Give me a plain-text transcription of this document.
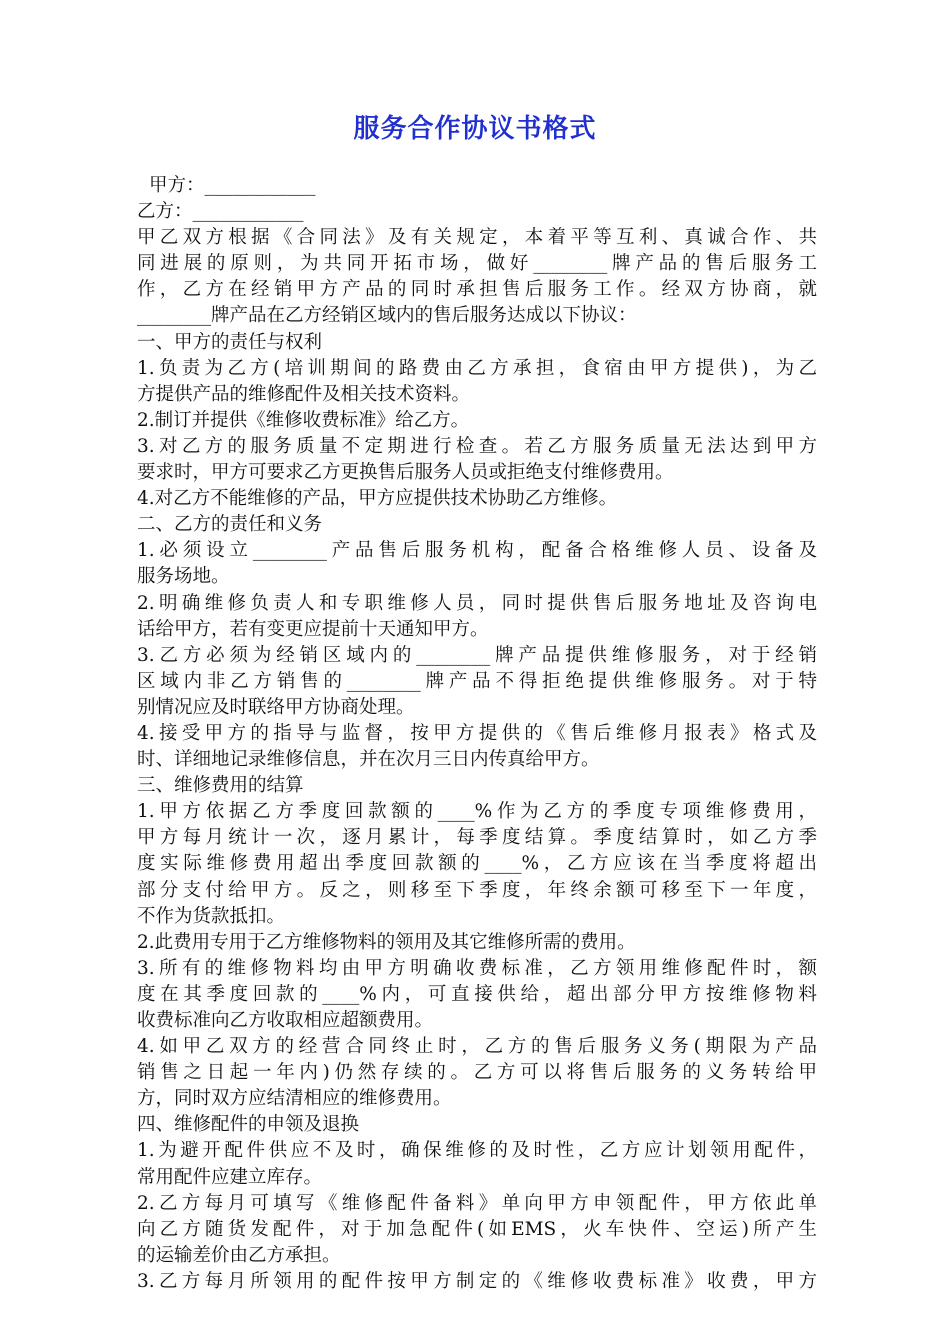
服务合作协议书格式
甲方：____________
乙方：____________
甲乙双方根据《合同法》及有关规定，本着平等互利、真诚合作、共
同进展的原则，为共同开拓市场，做好________牌产品的售后服务工
作，乙方在经销甲方产品的同时承担售后服务工作。经双方协商，就
________牌产品在乙方经销区域内的售后服务达成以下协议：
一、甲方的责任与权利
1.负责为乙方(培训期间的路费由乙方承担，食宿由甲方提供)，为乙
方提供产品的维修配件及相关技术资料。
2.制订并提供《维修收费标准》给乙方。
3.对乙方的服务质量不定期进行检查。若乙方服务质量无法达到甲方
要求时，甲方可要求乙方更换售后服务人员或拒绝支付维修费用。
4.对乙方不能维修的产品，甲方应提供技术协助乙方维修。
二、乙方的责任和义务
1.必须设立________产品售后服务机构，配备合格维修人员、设备及
服务场地。
2.明确维修负责人和专职维修人员，同时提供售后服务地址及咨询电
话给甲方，若有变更应提前十天通知甲方。
3.乙方必须为经销区域内的________牌产品提供维修服务，对于经销
区域内非乙方销售的________牌产品不得拒绝提供维修服务。对于特
别情况应及时联络甲方协商处理。
4.接受甲方的指导与监督，按甲方提供的《售后维修月报表》格式及
时、详细地记录维修信息，并在次月三日内传真给甲方。
三、维修费用的结算
1.甲方依据乙方季度回款额的____%作为乙方的季度专项维修费用，
甲方每月统计一次，逐月累计，每季度结算。季度结算时，如乙方季
度实际维修费用超出季度回款额的____%，乙方应该在当季度将超出
部分支付给甲方。反之，则移至下季度，年终余额可移至下一年度，
不作为货款抵扣。
2.此费用专用于乙方维修物料的领用及其它维修所需的费用。
3.所有的维修物料均由甲方明确收费标准，乙方领用维修配件时，额
度在其季度回款的____%内，可直接供给，超出部分甲方按维修物料
收费标准向乙方收取相应超额费用。
4.如甲乙双方的经营合同终止时，乙方的售后服务义务(期限为产品
销售之日起一年内)仍然存续的。乙方可以将售后服务的义务转给甲
方，同时双方应结清相应的维修费用。
四、维修配件的申领及退换
1.为避开配件供应不及时，确保维修的及时性，乙方应计划领用配件，
常用配件应建立库存。
2.乙方每月可填写《维修配件备料》单向甲方申领配件，甲方依此单
向乙方随货发配件，对于加急配件(如EMS，火车快件、空运)所产生
的运输差价由乙方承担。
3.乙方每月所领用的配件按甲方制定的《维修收费标准》收费，甲方
